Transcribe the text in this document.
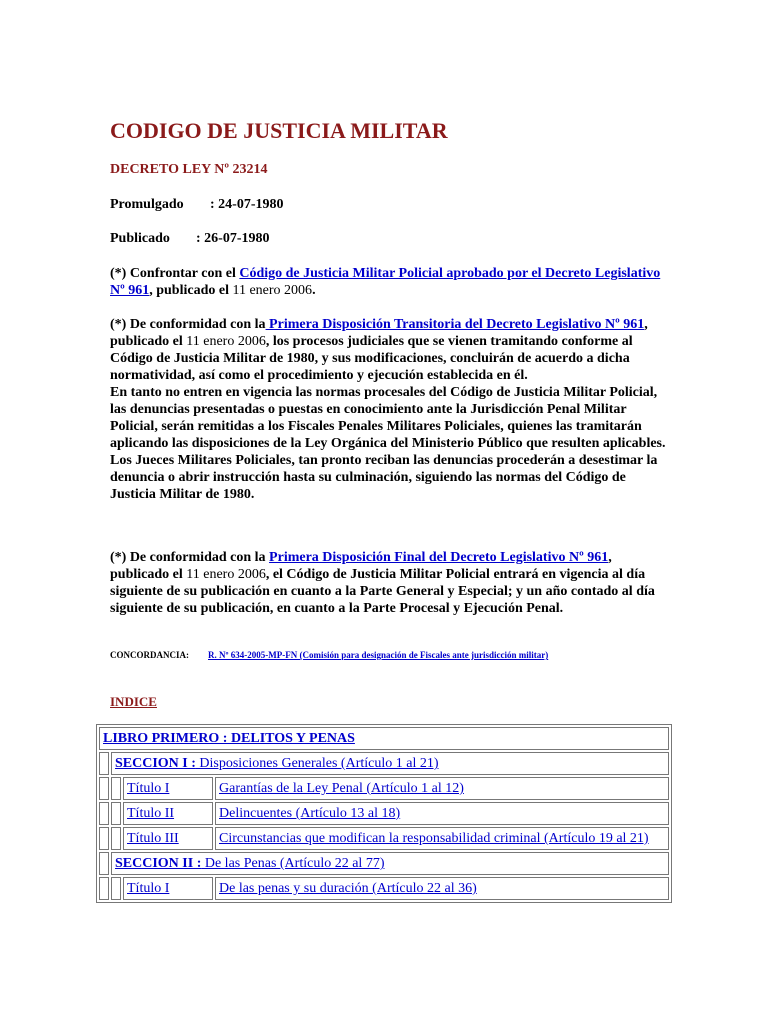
CODIGO DE JUSTICIA MILITAR
DECRETO LEY Nº 23214
Promulgado : 24-07-1980
Publicado : 26-07-1980
(*) Confrontar con el Código de Justicia Militar Policial aprobado por el Decreto Legislativo Nº 961, publicado el 11 enero 2006.
(*) De conformidad con la Primera Disposición Transitoria del Decreto Legislativo Nº 961, publicado el 11 enero 2006, los procesos judiciales que se vienen tramitando conforme al Código de Justicia Militar de 1980, y sus modificaciones, concluirán de acuerdo a dicha normatividad, así como el procedimiento y ejecución establecida en él.
En tanto no entren en vigencia las normas procesales del Código de Justicia Militar Policial, las denuncias presentadas o puestas en conocimiento ante la Jurisdicción Penal Militar Policial, serán remitidas a los Fiscales Penales Militares Policiales, quienes las tramitarán aplicando las disposiciones de la Ley Orgánica del Ministerio Público que resulten aplicables.
Los Jueces Militares Policiales, tan pronto reciban las denuncias procederán a desestimar la denuncia o abrir instrucción hasta su culminación, siguiendo las normas del Código de Justicia Militar de 1980.
(*) De conformidad con la Primera Disposición Final del Decreto Legislativo Nº 961, publicado el 11 enero 2006, el Código de Justicia Militar Policial entrará en vigencia al día siguiente de su publicación en cuanto a la Parte General y Especial; y un año contado al día siguiente de su publicación, en cuanto a la Parte Procesal y Ejecución Penal.
CONCORDANCIA: R. Nº 634-2005-MP-FN (Comisión para designación de Fiscales ante jurisdicción militar)
INDICE
LIBRO PRIMERO : DELITOS Y PENAS			
	SECCION I : Disposiciones Generales (Artículo 1 al 21)		
		Título I	Garantías de la Ley Penal (Artículo 1 al 12)
		Título II	Delincuentes (Artículo 13 al 18)
		Título III	Circunstancias que modifican la responsabilidad criminal (Artículo 19 al 21)
	SECCION II : De las Penas (Artículo 22 al 77)		
		Título I	De las penas y su duración (Artículo 22 al 36)
